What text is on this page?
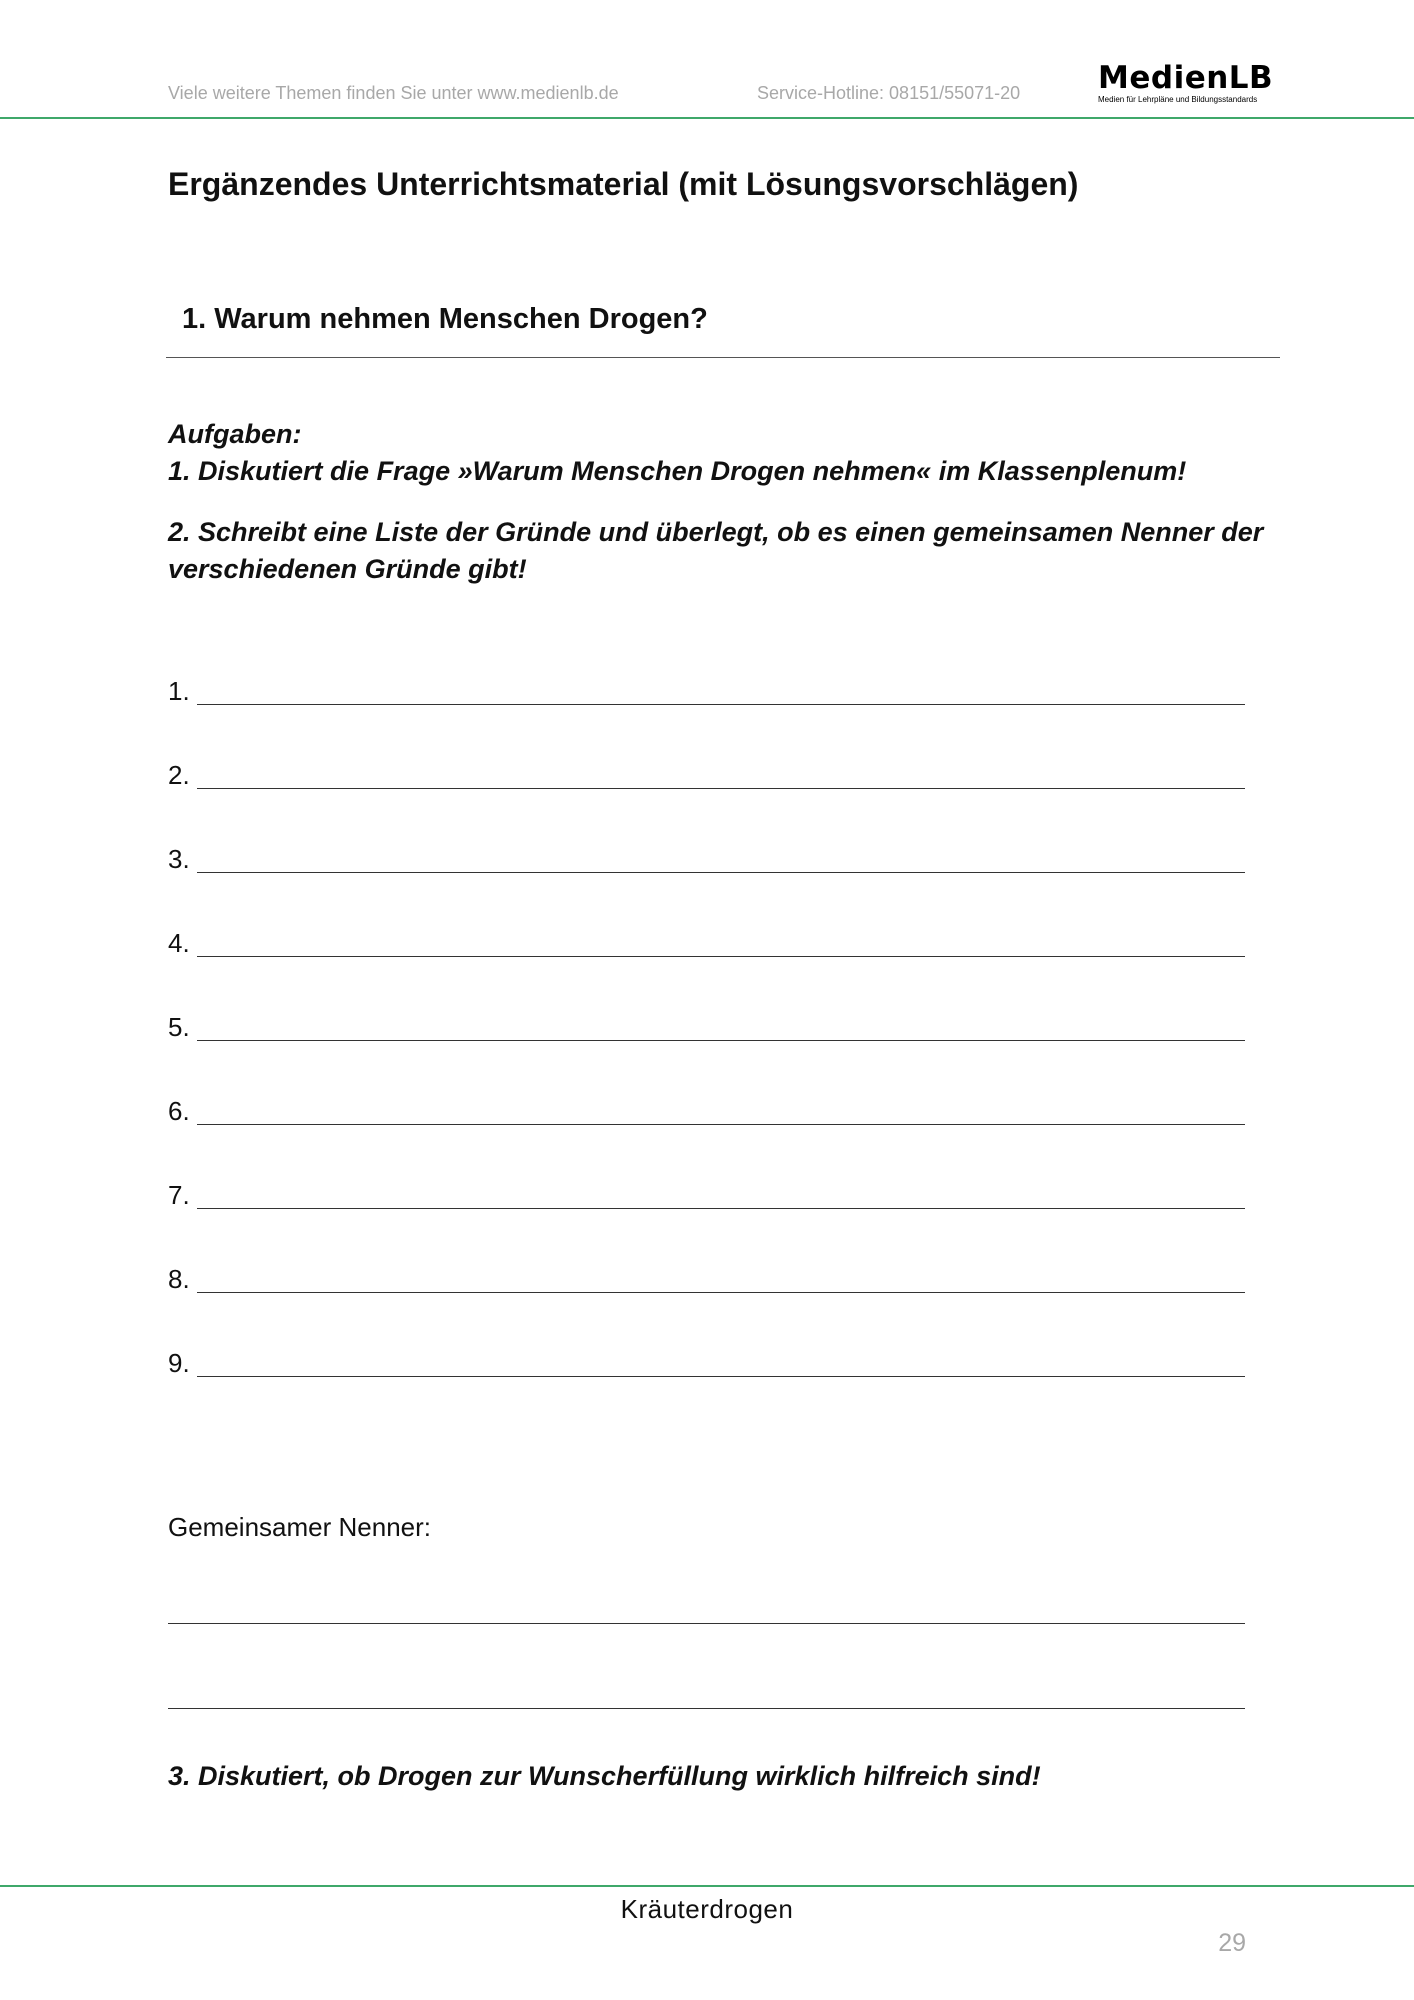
Viele weitere Themen finden Sie unter www.medienlb.de	Service-Hotline: 08151/55071-20	MedienLB
Medien für Lehrpläne und Bildungsstandards
Ergänzendes Unterrichtsmaterial (mit Lösungsvorschlägen)
1. Warum nehmen Menschen Drogen?

Aufgaben:

1. Diskutiert die Frage »Warum Menschen Drogen nehmen« im Klassenplenum!

2. Schreibt eine Liste der Gründe und überlegt, ob es einen gemeinsamen Nenner der verschiedenen Gründe gibt!

1.
2.
3.
4.
5.
6.
7.
8.
9.
Gemeinsamer Nenner:

3. Diskutiert, ob Drogen zur Wunscherfüllung wirklich hilfreich sind!

Kräuterdrogen
29
